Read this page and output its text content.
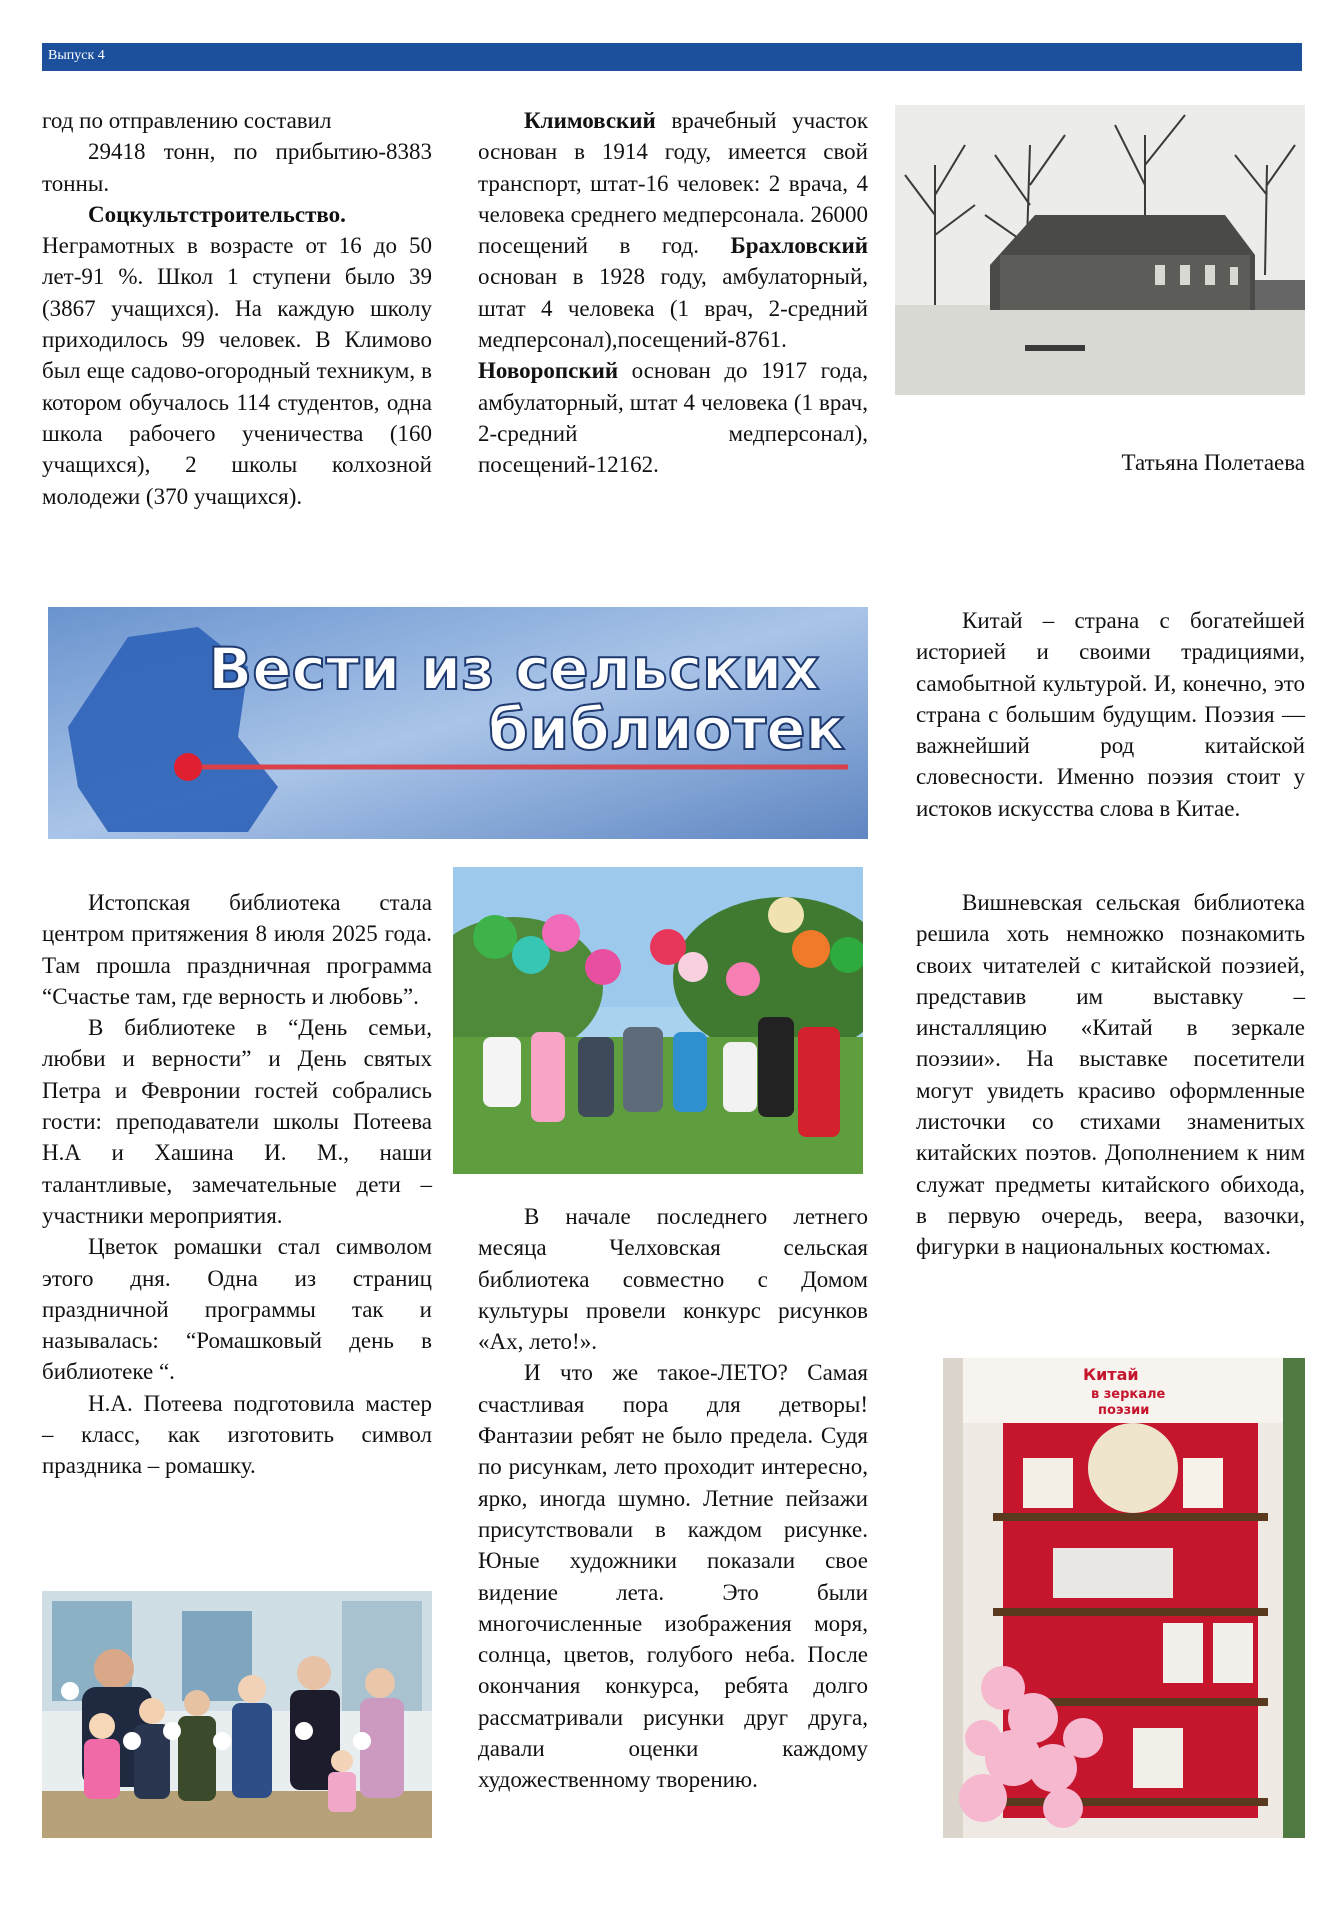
Выпуск 4

год по отправлению составил

29418 тонн, по прибытию-8383 тонны.

Соцкультстроительство.

Неграмотных в возрасте от 16 до 50 лет-91 %. Школ 1 ступени было 39 (3867 учащихся). На каждую школу приходилось 99 человек. В Климово был еще садово-огородный техникум, в котором обучалось 114 студентов, одна школа рабочего ученичества (160 учащихся), 2 школы колхозной молодежи (370 учащихся).

Климовский врачебный участок основан в 1914 году, имеется свой транспорт, штат-16 человек: 2 врача, 4 человека среднего медперсонала. 26000 посещений в год. Брахловский основан в 1928 году, амбулаторный, штат 4 человека (1 врач, 2-средний медперсонал),посещений-8761. Новоропский основан до 1917 года, амбулаторный, штат 4 человека (1 врач, 2-средний медперсонал), посещений-12162.	Татьяна Полетаева
Вести из сельских
библиотек

Китай – страна с богатейшей историей и своими традициями, самобытной культурой. И, конечно, это страна с большим будущим. Поэзия — важнейший род китайской словесности. Именно поэзия стоит у истоков искусства слова в Китае.

Истопская библиотека стала центром притяжения 8 июля 2025 года. Там прошла праздничная программа “Счастье там, где верность и любовь”.

В библиотеке в “День семьи, любви и верности” и День святых Петра и Февронии гостей собрались гости: преподаватели школы Потеева Н.А и Хашина И. М., наши талантливые, замечательные дети – участники мероприятия.

Цветок ромашки стал символом этого дня. Одна из страниц праздничной программы так и называлась: “Ромашковый день в библиотеке “.

Н.А. Потеева подготовила мастер – класс, как изготовить символ праздника – ромашку.

В начале последнего летнего месяца Челховская сельская библиотека совместно с Домом культуры провели конкурс рисунков «Ах, лето!».

И что же такое-ЛЕТО? Самая счастливая пора для детворы! Фантазии ребят не было предела. Судя по рисункам, лето проходит интересно, ярко, иногда шумно. Летние пейзажи присутствовали в каждом рисунке. Юные художники показали свое видение лета. Это были многочисленные изображения моря, солнца, цветов, голубого неба. После окончания конкурса, ребята долго рассматривали рисунки друг друга, давали оценки каждому художественному творению.

Вишневская сельская библиотека решила хоть немножко познакомить своих читателей с китайской поэзией, представив им выставку – инсталляцию «Китай в зеркале поэзии». На выставке посетители могут увидеть красиво оформленные листочки со стихами знаменитых китайских поэтов. Дополнением к ним служат предметы китайского обихода, в первую очередь, веера, вазочки, фигурки в национальных костюмах.

Китай
в зеркале
поэзии
